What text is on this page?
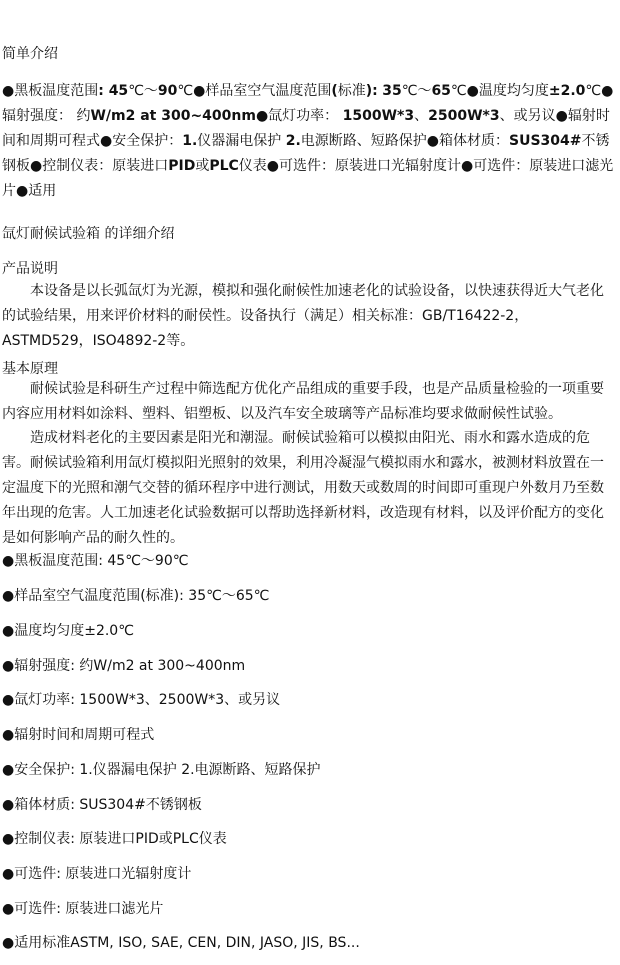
简单介绍
●黑板温度范围: 45℃～90℃●样品室空气温度范围(标准): 35℃～65℃●温度均匀度±2.0℃●辐射强度： 约W/m2 at 300~400nm●氙灯功率： 1500W*3、2500W*3、或另议●辐射时间和周期可程式●安全保护：1.仪器漏电保护 2.电源断路、短路保护●箱体材质：SUS304#不锈钢板●控制仪表：原装进口PID或PLC仪表●可选件：原装进口光辐射度计●可选件：原装进口滤光片●适用
氙灯耐候试验箱 的详细介绍
产品说明
本设备是以长弧氙灯为光源，模拟和强化耐候性加速老化的试验设备，以快速获得近大气老化的试验结果，用来评价材料的耐侯性。设备执行（满足）相关标准：GB/T16422-2，ASTMD529，ISO4892-2等。
基本原理
耐候试验是科研生产过程中筛选配方优化产品组成的重要手段，也是产品质量检验的一项重要内容应用材料如涂料、塑料、铝塑板、以及汽车安全玻璃等产品标准均要求做耐候性试验。
造成材料老化的主要因素是阳光和潮湿。耐候试验箱可以模拟由阳光、雨水和露水造成的危害。耐候试验箱利用氙灯模拟阳光照射的效果，利用冷凝湿气模拟雨水和露水，被测材料放置在一定温度下的光照和潮气交替的循环程序中进行测试，用数天或数周的时间即可重现户外数月乃至数年出现的危害。人工加速老化试验数据可以帮助选择新材料，改造现有材料，以及评价配方的变化是如何影响产品的耐久性的。
●黑板温度范围: 45℃～90℃
●样品室空气温度范围(标准): 35℃～65℃
●温度均匀度±2.0℃
●辐射强度: 约W/m2 at 300~400nm
●氙灯功率: 1500W*3、2500W*3、或另议
●辐射时间和周期可程式
●安全保护: 1.仪器漏电保护 2.电源断路、短路保护
●箱体材质: SUS304#不锈钢板
●控制仪表: 原装进口PID或PLC仪表
●可选件: 原装进口光辐射度计
●可选件: 原装进口滤光片
●适用标准ASTM, ISO, SAE, CEN, DIN, JASO, JIS, BS...
